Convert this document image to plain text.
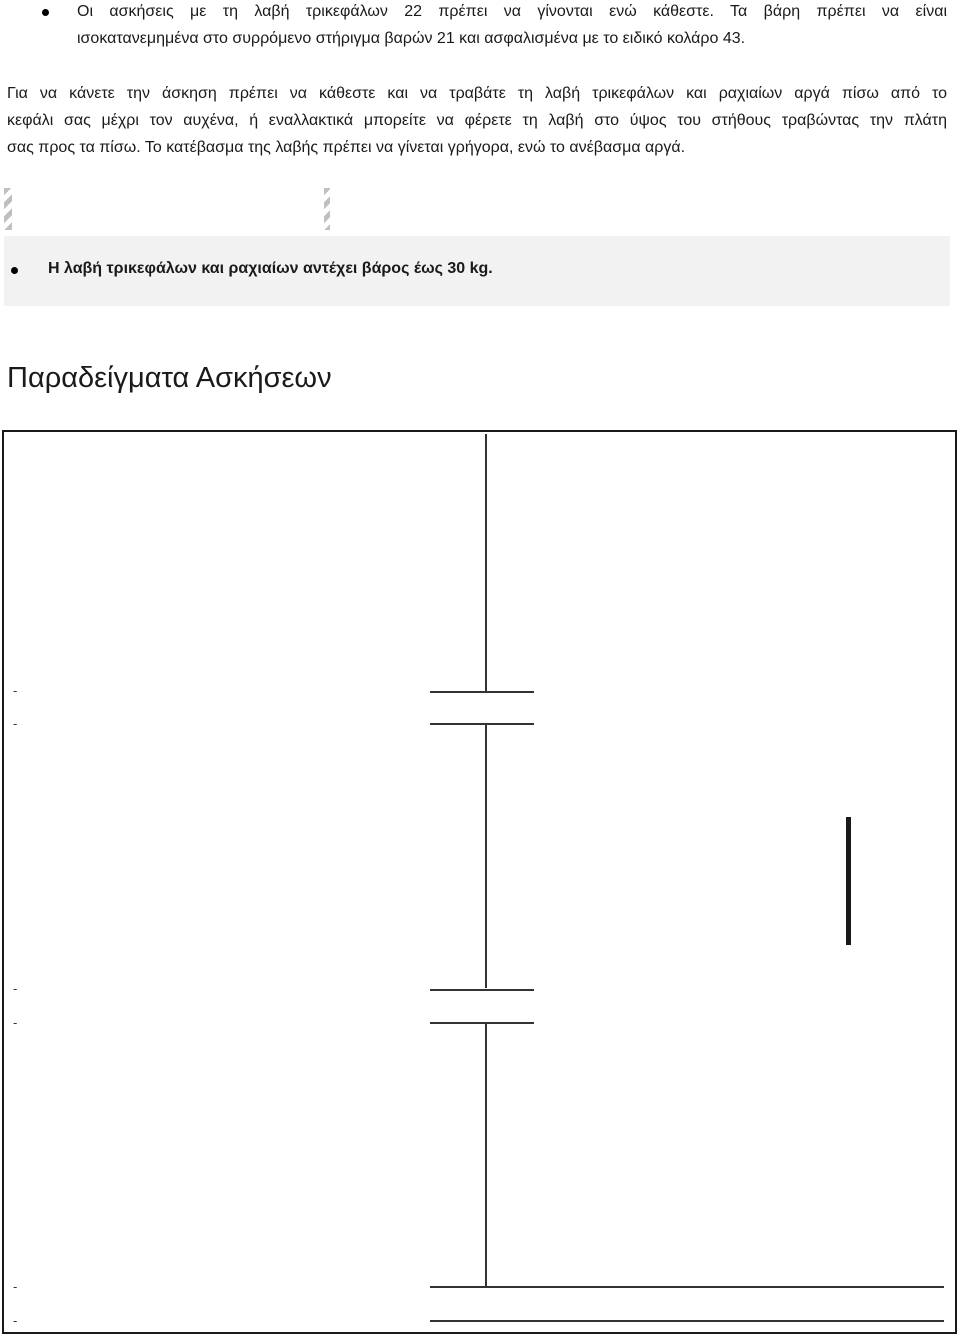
Οι ασκήσεις με τη λαβή τρικεφάλων 22 πρέπει να γίνονται ενώ κάθεστε. Τα βάρη πρέπει να είναι
ισοκατανεμημένα στο συρρόμενο στήριγμα βαρών 21 και ασφαλισμένα με το ειδικό κολάρο 43.
Για να κάνετε την άσκηση πρέπει να κάθεστε και να τραβάτε τη λαβή τρικεφάλων και ραχιαίων αργά πίσω από το
κεφάλι σας μέχρι τον αυχένα, ή εναλλακτικά μπορείτε να φέρετε τη λαβή στο ύψος του στήθους τραβώντας την πλάτη
σας προς τα πίσω. Το κατέβασμα της λαβής πρέπει να γίνεται γρήγορα, ενώ το ανέβασμα αργά.
Η λαβή τρικεφάλων και ραχιαίων αντέχει βάρος έως 30 kg.
Παραδείγματα Ασκήσεων
-
-
-
-
-
-
